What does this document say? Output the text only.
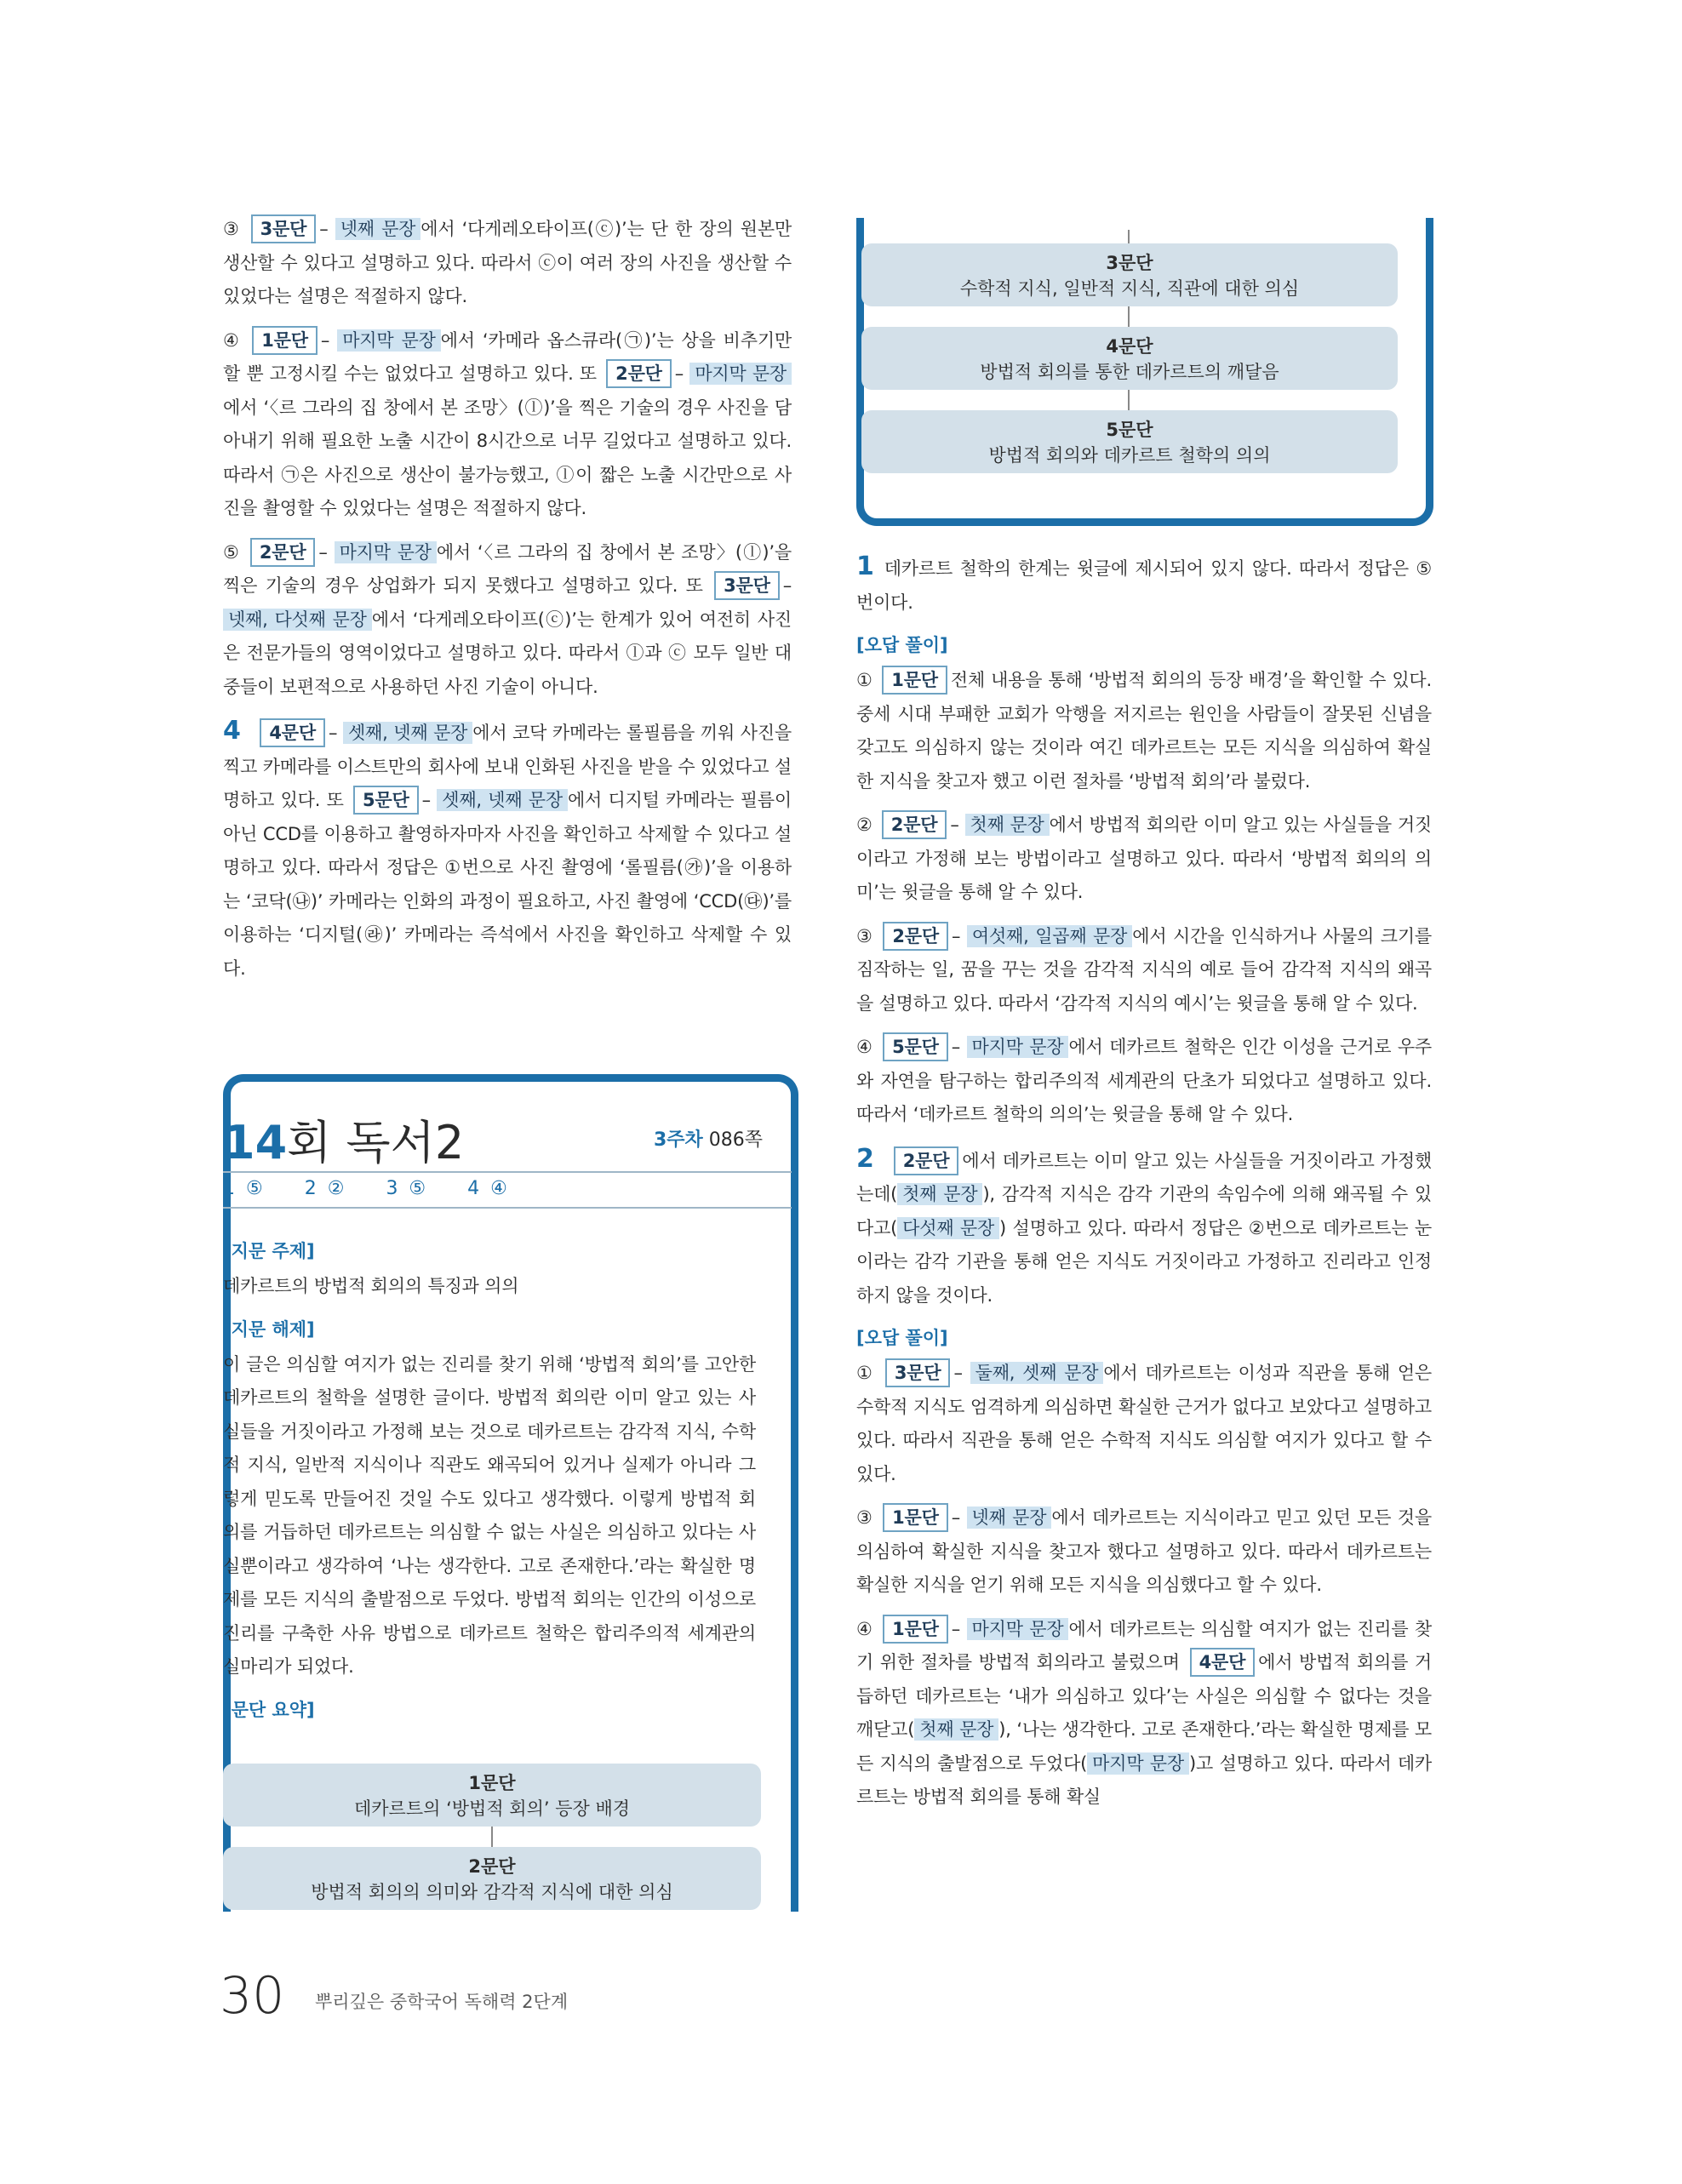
③ 3문단 – 넷째 문장 에서 ‘다게레오타이프(ⓒ)’는 단 한 장의 원본만 생산할 수 있다고 설명하고 있다. 따라서 ⓒ이 여러 장의 사진을 생산할 수 있었다는 설명은 적절하지 않다.

④ 1문단 – 마지막 문장 에서 ‘카메라 옵스큐라(㉠)’는 상을 비추기만 할 뿐 고정시킬 수는 없었다고 설명하고 있다. 또 2문단 – 마지막 문장에서 ‘〈르 그라의 집 창에서 본 조망〉(ⓛ)’을 찍은 기술의 경우 사진을 담아내기 위해 필요한 노출 시간이 8시간으로 너무 길었다고 설명하고 있다. 따라서 ㉠은 사진으로 생산이 불가능했고, ⓛ이 짧은 노출 시간만으로 사진을 촬영할 수 있었다는 설명은 적절하지 않다.

⑤ 2문단 – 마지막 문장 에서 ‘〈르 그라의 집 창에서 본 조망〉(ⓛ)’을 찍은 기술의 경우 상업화가 되지 못했다고 설명하고 있다. 또 3문단 – 넷째, 다섯째 문장 에서 ‘다게레오타이프(ⓒ)’는 한계가 있어 여전히 사진은 전문가들의 영역이었다고 설명하고 있다. 따라서 ⓛ과 ⓒ 모두 일반 대중들이 보편적으로 사용하던 사진 기술이 아니다.

4 4문단 – 셋째, 넷째 문장 에서 코닥 카메라는 롤필름을 끼워 사진을 찍고 카메라를 이스트만의 회사에 보내 인화된 사진을 받을 수 있었다고 설명하고 있다. 또 5문단 – 셋째, 넷째 문장 에서 디지털 카메라는 필름이 아닌 CCD를 이용하고 촬영하자마자 사진을 확인하고 삭제할 수 있다고 설명하고 있다. 따라서 정답은 ①번으로 사진 촬영에 ‘롤필름(㉮)’을 이용하는 ‘코닥(㉯)’ 카메라는 인화의 과정이 필요하고, 사진 촬영에 ‘CCD(㉰)’를 이용하는 ‘디지털(㉱)’ 카메라는 즉석에서 사진을 확인하고 삭제할 수 있다.

14회 독서2	3주차 086쪽
1 ⑤ 2 ② 3 ⑤ 4 ④
[지문 주제]

데카르트의 방법적 회의의 특징과 의의

[지문 해제]

이 글은 의심할 여지가 없는 진리를 찾기 위해 ‘방법적 회의’를 고안한 데카르트의 철학을 설명한 글이다. 방법적 회의란 이미 알고 있는 사실들을 거짓이라고 가정해 보는 것으로 데카르트는 감각적 지식, 수학적 지식, 일반적 지식이나 직관도 왜곡되어 있거나 실제가 아니라 그렇게 믿도록 만들어진 것일 수도 있다고 생각했다. 이렇게 방법적 회의를 거듭하던 데카르트는 의심할 수 없는 사실은 의심하고 있다는 사실뿐이라고 생각하여 ‘나는 생각한다. 고로 존재한다.’라는 확실한 명제를 모든 지식의 출발점으로 두었다. 방법적 회의는 인간의 이성으로 진리를 구축한 사유 방법으로 데카르트 철학은 합리주의적 세계관의 실마리가 되었다.

[문단 요약]
1문단
데카르트의 ‘방법적 회의’ 등장 배경
2문단
방법적 회의의 의미와 감각적 지식에 대한 의심
3문단
수학적 지식, 일반적 지식, 직관에 대한 의심
4문단
방법적 회의를 통한 데카르트의 깨달음
5문단
방법적 회의와 데카르트 철학의 의의

1 데카르트 철학의 한계는 윗글에 제시되어 있지 않다. 따라서 정답은 ⑤번이다.

[오답 풀이]

① 1문단 전체 내용을 통해 ‘방법적 회의의 등장 배경’을 확인할 수 있다. 중세 시대 부패한 교회가 악행을 저지르는 원인을 사람들이 잘못된 신념을 갖고도 의심하지 않는 것이라 여긴 데카르트는 모든 지식을 의심하여 확실한 지식을 찾고자 했고 이런 절차를 ‘방법적 회의’라 불렀다.

② 2문단 – 첫째 문장 에서 방법적 회의란 이미 알고 있는 사실들을 거짓이라고 가정해 보는 방법이라고 설명하고 있다. 따라서 ‘방법적 회의의 의미’는 윗글을 통해 알 수 있다.

③ 2문단 – 여섯째, 일곱째 문장 에서 시간을 인식하거나 사물의 크기를 짐작하는 일, 꿈을 꾸는 것을 감각적 지식의 예로 들어 감각적 지식의 왜곡을 설명하고 있다. 따라서 ‘감각적 지식의 예시’는 윗글을 통해 알 수 있다.

④ 5문단 – 마지막 문장 에서 데카르트 철학은 인간 이성을 근거로 우주와 자연을 탐구하는 합리주의적 세계관의 단초가 되었다고 설명하고 있다. 따라서 ‘데카르트 철학의 의의’는 윗글을 통해 알 수 있다.

2 2문단 에서 데카르트는 이미 알고 있는 사실들을 거짓이라고 가정했는데( 첫째 문장 ), 감각적 지식은 감각 기관의 속임수에 의해 왜곡될 수 있다고( 다섯째 문장 ) 설명하고 있다. 따라서 정답은 ②번으로 데카르트는 눈이라는 감각 기관을 통해 얻은 지식도 거짓이라고 가정하고 진리라고 인정하지 않을 것이다.

[오답 풀이]

① 3문단 – 둘째, 셋째 문장 에서 데카르트는 이성과 직관을 통해 얻은 수학적 지식도 엄격하게 의심하면 확실한 근거가 없다고 보았다고 설명하고 있다. 따라서 직관을 통해 얻은 수학적 지식도 의심할 여지가 있다고 할 수 있다.

③ 1문단 – 넷째 문장 에서 데카르트는 지식이라고 믿고 있던 모든 것을 의심하여 확실한 지식을 찾고자 했다고 설명하고 있다. 따라서 데카르트는 확실한 지식을 얻기 위해 모든 지식을 의심했다고 할 수 있다.

④ 1문단 – 마지막 문장 에서 데카르트는 의심할 여지가 없는 진리를 찾기 위한 절차를 방법적 회의라고 불렀으며 4문단 에서 방법적 회의를 거듭하던 데카르트는 ‘내가 의심하고 있다’는 사실은 의심할 수 없다는 것을 깨닫고( 첫째 문장 ), ‘나는 생각한다. 고로 존재한다.’라는 확실한 명제를 모든 지식의 출발점으로 두었다( 마지막 문장 )고 설명하고 있다. 따라서 데카르트는 방법적 회의를 통해 확실

30 뿌리깊은 중학국어 독해력 2단계
